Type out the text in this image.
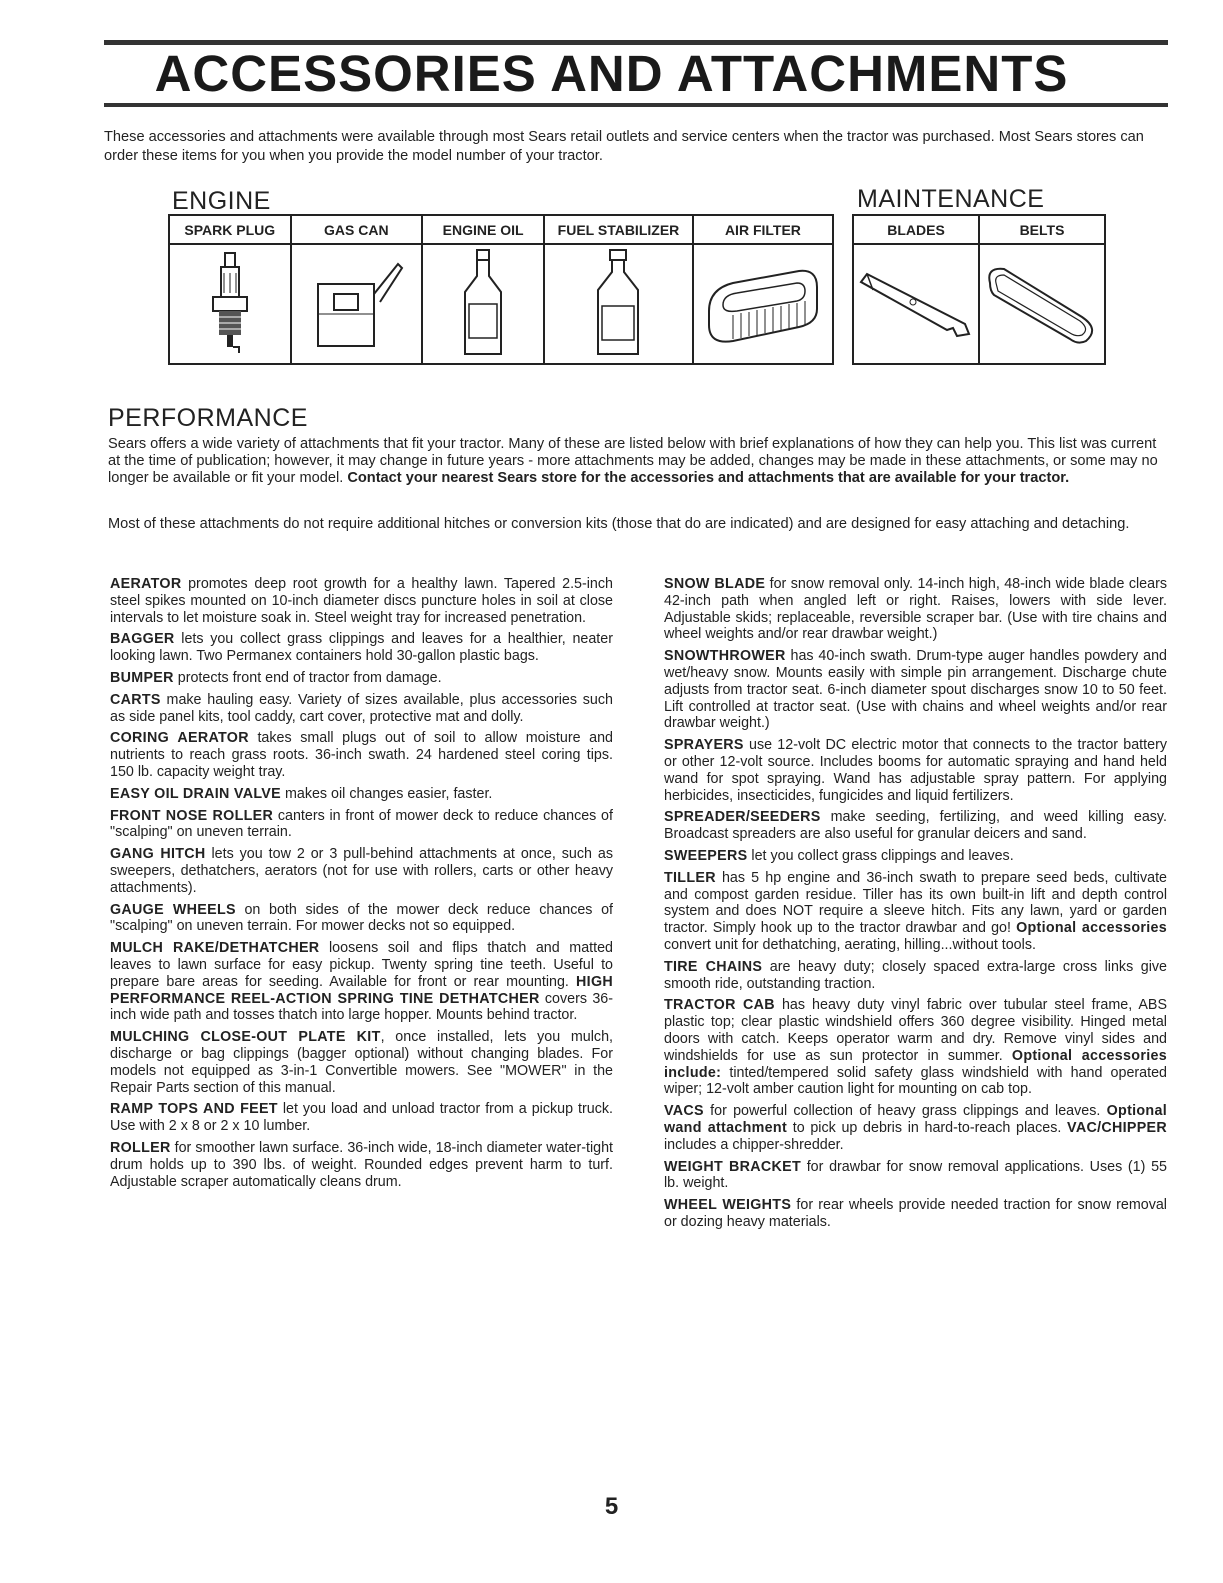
ACCESSORIES AND ATTACHMENTS
These accessories and attachments were available through most Sears retail outlets and service centers when the tractor was purchased. Most Sears stores can order these items for you when you provide the model number of your tractor.
ENGINE	MAINTENANCE
SPARK PLUG	GAS CAN	ENGINE OIL	FUEL STABILIZER	AIR FILTER

		BLADES	BELTS

PERFORMANCE
Sears offers a wide variety of attachments that fit your tractor. Many of these are listed below with brief explanations of how they can help you. This list was current at the time of publication; however, it may change in future years - more attachments may be added, changes may be made in these attachments, or some may no longer be available or fit your model. Contact your nearest Sears store for the accessories and attachments that are available for your tractor.
Most of these attachments do not require additional hitches or conversion kits (those that do are indicated) and are designed for easy attaching and detaching.

AERATOR promotes deep root growth for a healthy lawn. Tapered 2.5-inch steel spikes mounted on 10-inch diameter discs puncture holes in soil at close intervals to let moisture soak in. Steel weight tray for increased penetration.

BAGGER lets you collect grass clippings and leaves for a healthier, neater looking lawn. Two Permanex containers hold 30-gallon plastic bags.

BUMPER protects front end of tractor from damage.

CARTS make hauling easy. Variety of sizes available, plus accessories such as side panel kits, tool caddy, cart cover, protective mat and dolly.

CORING AERATOR takes small plugs out of soil to allow moisture and nutrients to reach grass roots. 36-inch swath. 24 hardened steel coring tips. 150 lb. capacity weight tray.

EASY OIL DRAIN VALVE makes oil changes easier, faster.

FRONT NOSE ROLLER canters in front of mower deck to reduce chances of "scalping" on uneven terrain.

GANG HITCH lets you tow 2 or 3 pull-behind attachments at once, such as sweepers, dethatchers, aerators (not for use with rollers, carts or other heavy attachments).

GAUGE WHEELS on both sides of the mower deck reduce chances of "scalping" on uneven terrain. For mower decks not so equipped.

MULCH RAKE/DETHATCHER loosens soil and flips thatch and matted leaves to lawn surface for easy pickup. Twenty spring tine teeth. Useful to prepare bare areas for seeding. Available for front or rear mounting. HIGH PERFORMANCE REEL-ACTION SPRING TINE DETHATCHER covers 36-inch wide path and tosses thatch into large hopper. Mounts behind tractor.

MULCHING CLOSE-OUT PLATE KIT, once installed, lets you mulch, discharge or bag clippings (bagger optional) without changing blades. For models not equipped as 3-in-1 Convertible mowers. See "MOWER" in the Repair Parts section of this manual.

RAMP TOPS AND FEET let you load and unload tractor from a pickup truck. Use with 2 x 8 or 2 x 10 lumber.

ROLLER for smoother lawn surface. 36-inch wide, 18-inch diameter water-tight drum holds up to 390 lbs. of weight. Rounded edges prevent harm to turf. Adjustable scraper automatically cleans drum.

SNOW BLADE for snow removal only. 14-inch high, 48-inch wide blade clears 42-inch path when angled left or right. Raises, lowers with side lever. Adjustable skids; replaceable, reversible scraper bar. (Use with tire chains and wheel weights and/or rear drawbar weight.)

SNOWTHROWER has 40-inch swath. Drum-type auger handles powdery and wet/heavy snow. Mounts easily with simple pin arrangement. Discharge chute adjusts from tractor seat. 6-inch diameter spout discharges snow 10 to 50 feet. Lift controlled at tractor seat. (Use with chains and wheel weights and/or rear drawbar weight.)

SPRAYERS use 12-volt DC electric motor that connects to the tractor battery or other 12-volt source. Includes booms for automatic spraying and hand held wand for spot spraying. Wand has adjustable spray pattern. For applying herbicides, insecticides, fungicides and liquid fertilizers.

SPREADER/SEEDERS make seeding, fertilizing, and weed killing easy. Broadcast spreaders are also useful for granular deicers and sand.

SWEEPERS let you collect grass clippings and leaves.

TILLER has 5 hp engine and 36-inch swath to prepare seed beds, cultivate and compost garden residue. Tiller has its own built-in lift and depth control system and does NOT require a sleeve hitch. Fits any lawn, yard or garden tractor. Simply hook up to the tractor drawbar and go! Optional accessories convert unit for dethatching, aerating, hilling...without tools.

TIRE CHAINS are heavy duty; closely spaced extra-large cross links give smooth ride, outstanding traction.

TRACTOR CAB has heavy duty vinyl fabric over tubular steel frame, ABS plastic top; clear plastic windshield offers 360 degree visibility. Hinged metal doors with catch. Keeps operator warm and dry. Remove vinyl sides and windshields for use as sun protector in summer. Optional accessories include: tinted/tempered solid safety glass windshield with hand operated wiper; 12-volt amber caution light for mounting on cab top.

VACS for powerful collection of heavy grass clippings and leaves. Optional wand attachment to pick up debris in hard-to-reach places. VAC/CHIPPER includes a chipper-shredder.

WEIGHT BRACKET for drawbar for snow removal applications. Uses (1) 55 lb. weight.

WHEEL WEIGHTS for rear wheels provide needed traction for snow removal or dozing heavy materials.

5
